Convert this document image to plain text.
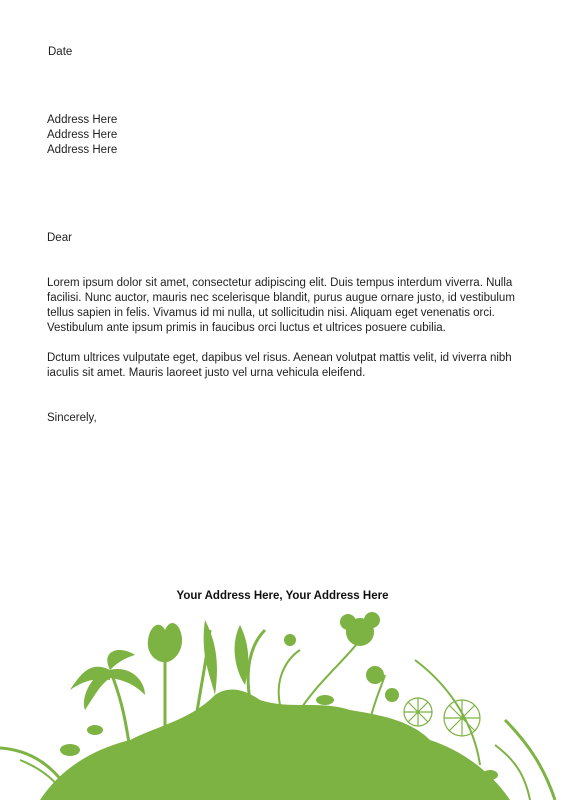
Date
Address Here
Address Here
Address Here
Dear

Lorem ipsum dolor sit amet, consectetur adipiscing elit. Duis tempus interdum viverra. Nulla facilisi. Nunc auctor, mauris nec scelerisque blandit, purus augue ornare justo, id vestibulum tellus sapien in felis. Vivamus id mi nulla, ut sollicitudin nisi. Aliquam eget venenatis orci. Vestibulum ante ipsum primis in faucibus orci luctus et ultrices posuere cubilia.

Dctum ultrices vulputate eget, dapibus vel risus. Aenean volutpat mattis velit, id viverra nibh iaculis sit amet. Mauris laoreet justo vel urna vehicula eleifend.

Sincerely,
Your Address Here, Your Address Here
